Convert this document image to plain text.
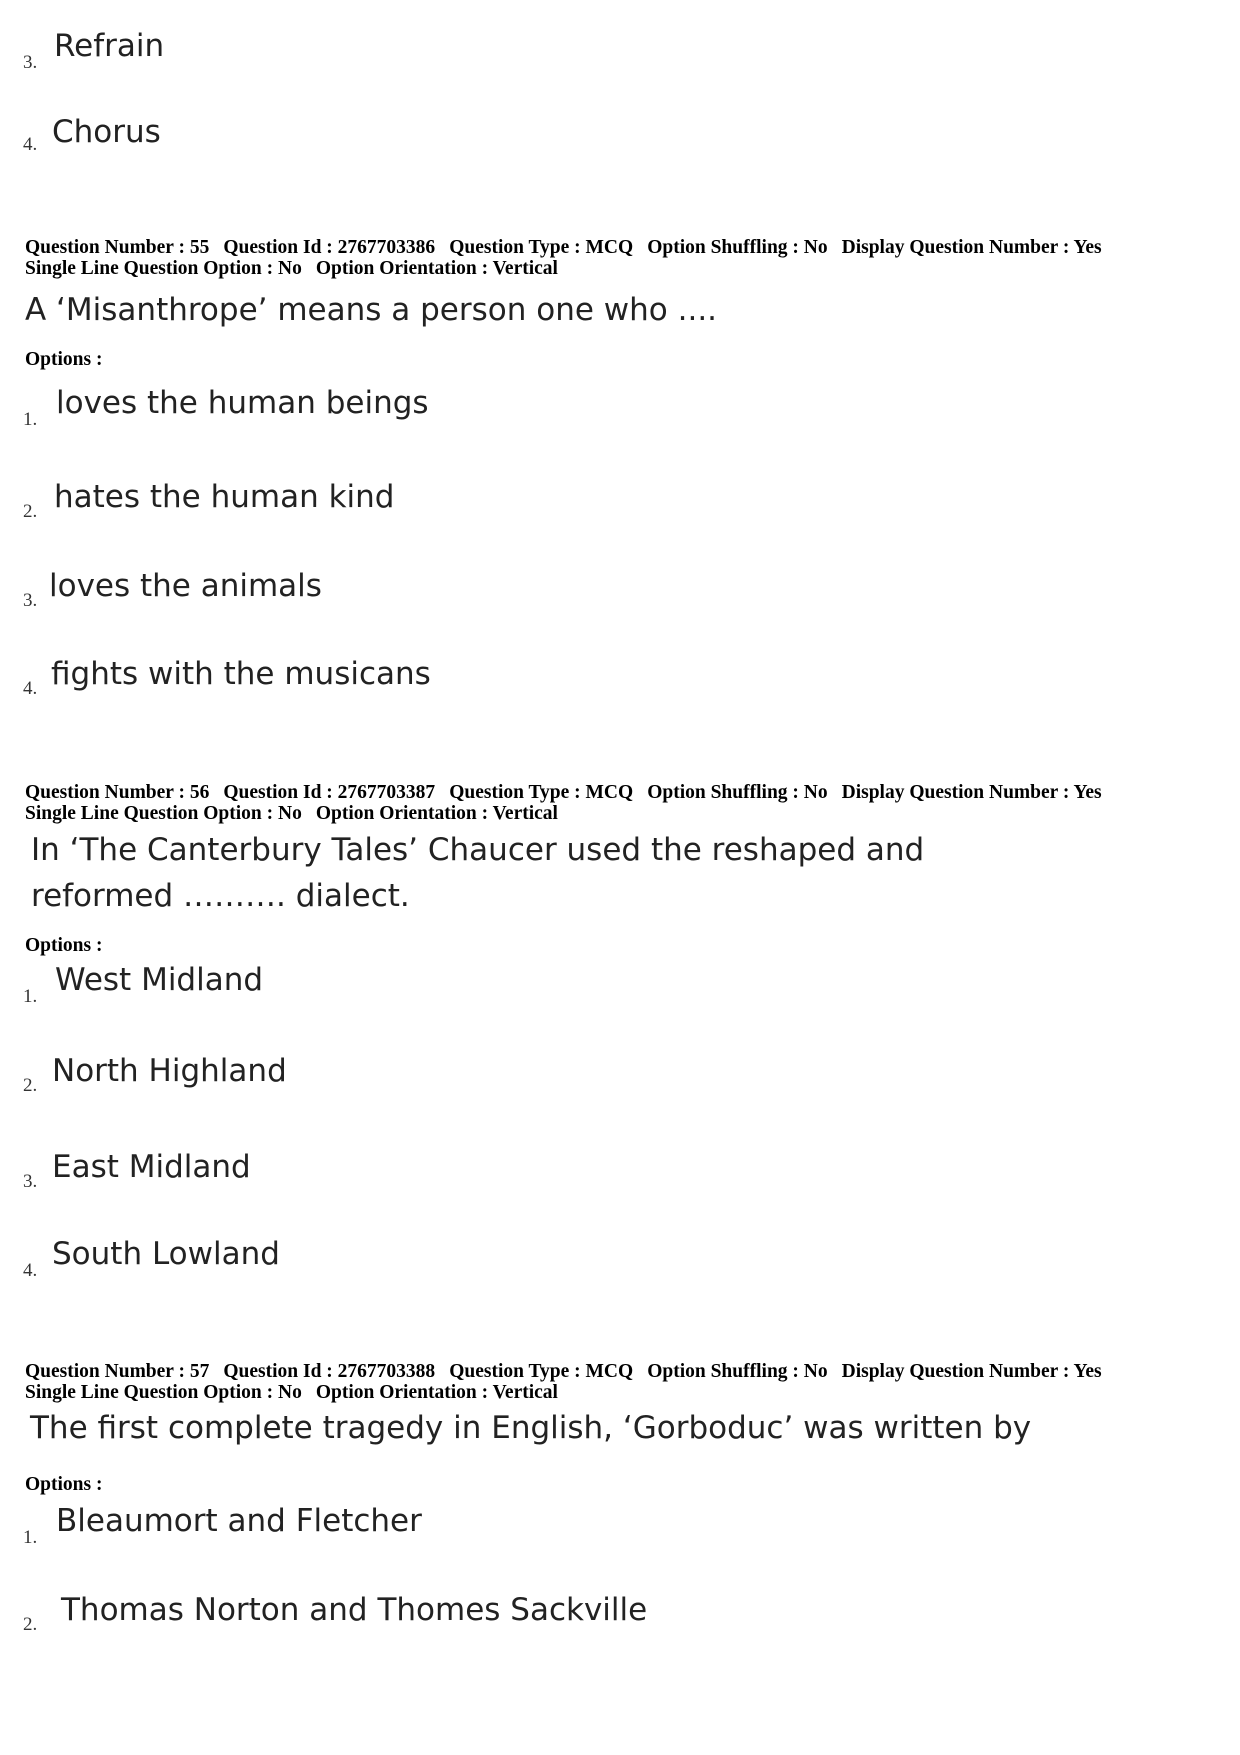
3. Refrain
4. Chorus
Question Number : 55 Question Id : 2767703386 Question Type : MCQ Option Shuffling : No Display Question Number : Yes
Single Line Question Option : No Option Orientation : Vertical
A ‘Misanthrope’ means a person one who ....
Options :
1. loves the human beings
2. hates the human kind
3. loves the animals
4. fights with the musicans
Question Number : 56 Question Id : 2767703387 Question Type : MCQ Option Shuffling : No Display Question Number : Yes
Single Line Question Option : No Option Orientation : Vertical
In ‘The Canterbury Tales’ Chaucer used the reshaped and
reformed ………. dialect.
Options :
1. West Midland
2. North Highland
3. East Midland
4. South Lowland
Question Number : 57 Question Id : 2767703388 Question Type : MCQ Option Shuffling : No Display Question Number : Yes
Single Line Question Option : No Option Orientation : Vertical
The first complete tragedy in English, ‘Gorboduc’ was written by
Options :
1. Bleaumort and Fletcher
2. Thomas Norton and Thomes Sackville
